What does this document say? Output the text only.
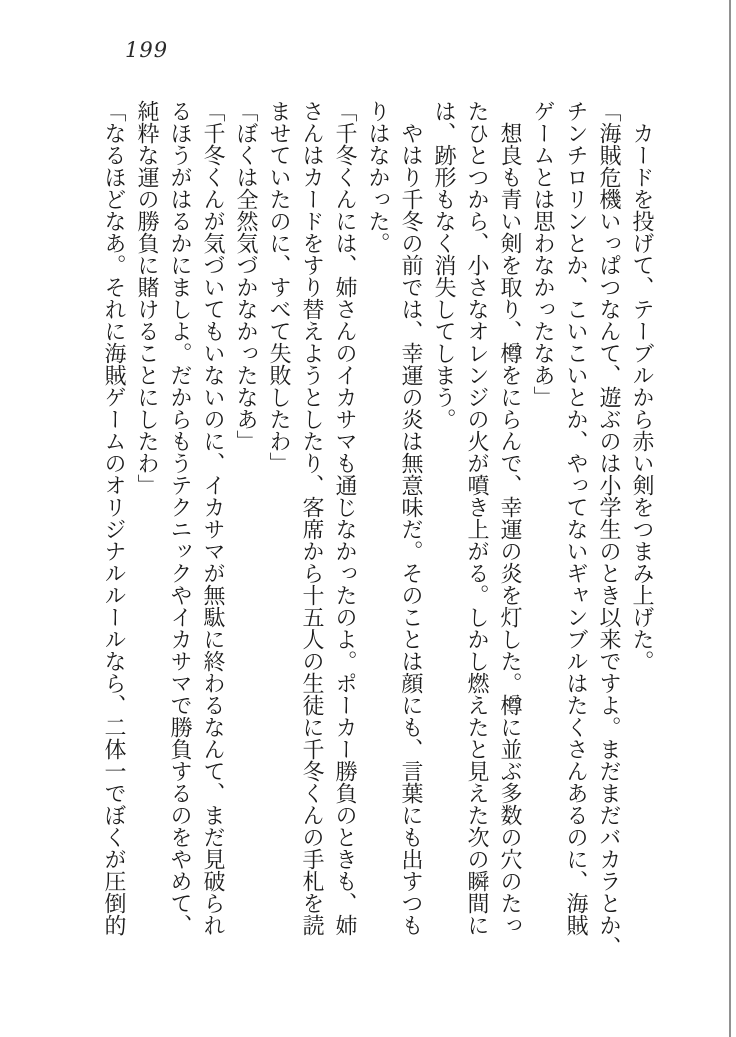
199

カードを投げて、テーブルから赤い剣をつまみ上げた。

「海賊危機いっぱつなんて、遊ぶのは小学生のとき以来ですよ。まだまだバカラとか、

チンチロリンとか、こいこいとか、やってないギャンブルはたくさんあるのに、海賊

ゲームとは思わなかったなあ」

想良も青い剣を取り、樽をにらんで、幸運の炎を灯した。樽に並ぶ多数の穴のたっ

たひとつから、小さなオレンジの火が噴き上がる。しかし燃えたと見えた次の瞬間に

は、跡形もなく消失してしまう。

やはり千冬の前では、幸運の炎は無意味だ。そのことは顔にも、言葉にも出すつも

りはなかった。

「千冬くんには、姉さんのイカサマも通じなかったのよ。ポーカー勝負のときも、姉

さんはカードをすり替えようとしたり、客席から十五人の生徒に千冬くんの手札を読

ませていたのに、すべて失敗したわ」

「ぼくは全然気づかなかったなあ」

「千冬くんが気づいてもいないのに、イカサマが無駄に終わるなんて、まだ見破られ

るほうがはるかにましよ。だからもうテクニックやイカサマで勝負するのをやめて、

純粋な運の勝負に賭けることにしたわ」

「なるほどなあ。それに海賊ゲームのオリジナルルールなら、二体一でぼくが圧倒的
